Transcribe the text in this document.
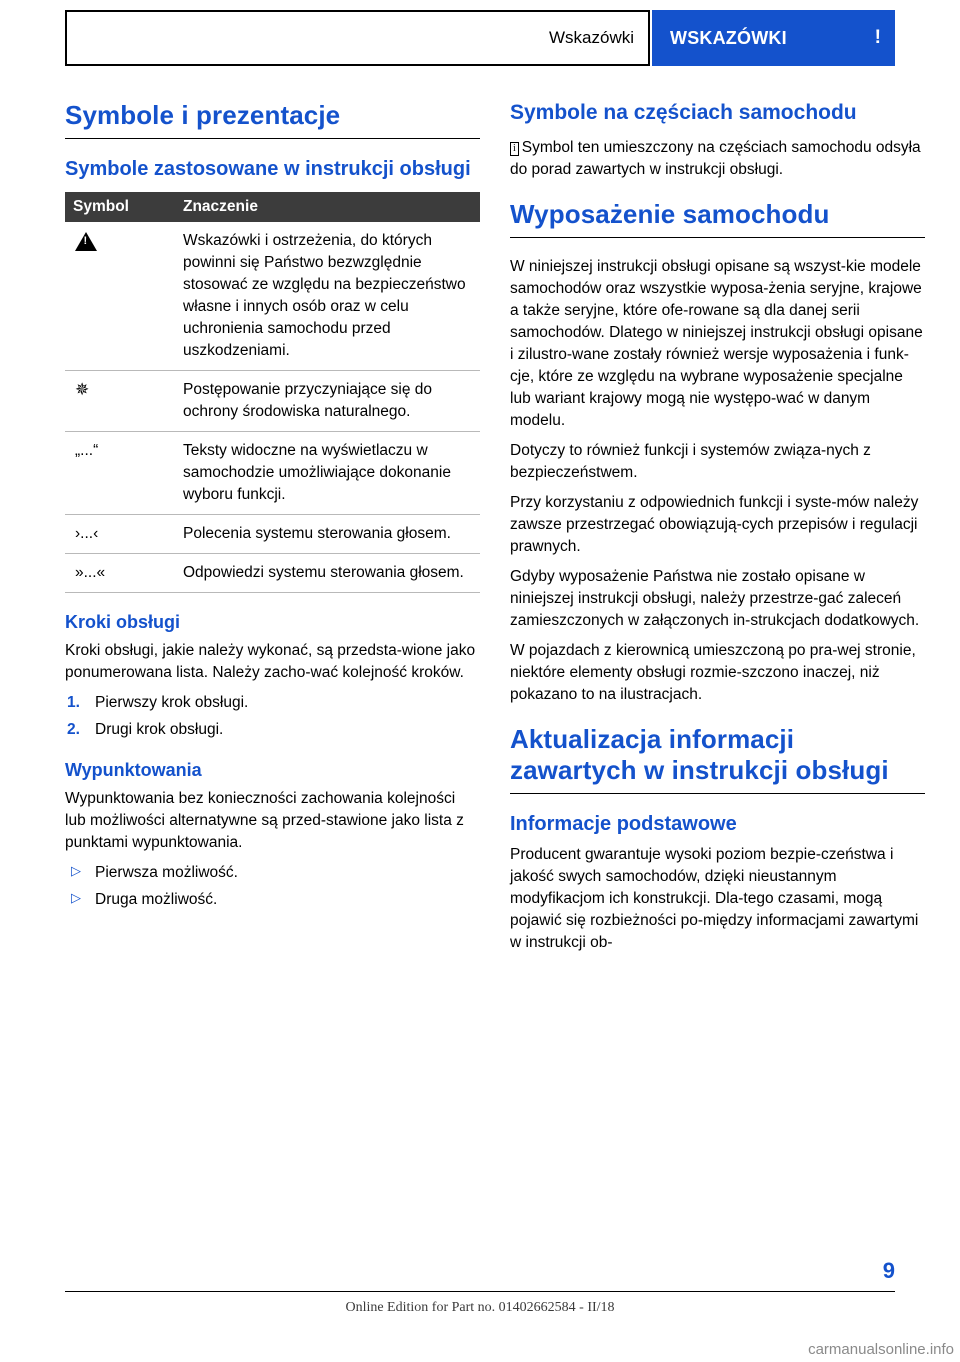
Wskazówki WSKAZÓWKI	!
Symbole i prezentacje
Symbole zastosowane w instrukcji obsługi
Symbol	Znaczenie
!	Wskazówki i ostrzeżenia, do których powinni się Państwo bezwzględnie stosować ze względu na bezpieczeństwo własne i innych osób oraz w celu uchronienia samochodu przed uszkodzeniami.
✵	Postępowanie przyczyniające się do ochrony środowiska naturalnego.
„...“	Teksty widoczne na wyświetlaczu w samochodzie umożliwiające dokonanie wyboru funkcji.
›...‹	Polecenia systemu sterowania głosem.
»...«	Odpowiedzi systemu sterowania głosem.
Kroki obsługi

Kroki obsługi, jakie należy wykonać, są przedsta-wione jako ponumerowana lista. Należy zacho-wać kolejność kroków.

1. Pierwszy krok obsługi.
2. Drugi krok obsługi.
Wypunktowania

Wypunktowania bez konieczności zachowania kolejności lub możliwości alternatywne są przed-stawione jako lista z punktami wypunktowania.

▷ Pierwsza możliwość.
▷ Druga możliwość.
Symbole na częściach samochodu

i Symbol ten umieszczony na częściach samochodu odsyła do porad zawartych w instrukcji obsługi.

Wyposażenie samochodu

W niniejszej instrukcji obsługi opisane są wszyst-kie modele samochodów oraz wszystkie wyposa-żenia seryjne, krajowe a także seryjne, które ofe-rowane są dla danej serii samochodów. Dlatego w niniejszej instrukcji obsługi opisane i zilustro-wane zostały również wersje wyposażenia i funk-cje, które ze względu na wybrane wyposażenie specjalne lub wariant krajowy mogą nie występo-wać w danym modelu.

Dotyczy to również funkcji i systemów związa-nych z bezpieczeństwem.

Przy korzystaniu z odpowiednich funkcji i syste-mów należy zawsze przestrzegać obowiązują-cych przepisów i regulacji prawnych.

Gdyby wyposażenie Państwa nie zostało opisane w niniejszej instrukcji obsługi, należy przestrze-gać zaleceń zamieszczonych w załączonych in-strukcjach dodatkowych.

W pojazdach z kierownicą umieszczoną po pra-wej stronie, niektóre elementy obsługi rozmie-szczono inaczej, niż pokazano to na ilustracjach.

Aktualizacja informacji zawartych w instrukcji obsługi
Informacje podstawowe

Producent gwarantuje wysoki poziom bezpie-czeństwa i jakość swych samochodów, dzięki nieustannym modyfikacjom ich konstrukcji. Dla-tego czasami, mogą pojawić się rozbieżności po-między informacjami zawartymi w instrukcji ob-

9
Online Edition for Part no. 01402662584 - II/18
carmanualsonline.info
